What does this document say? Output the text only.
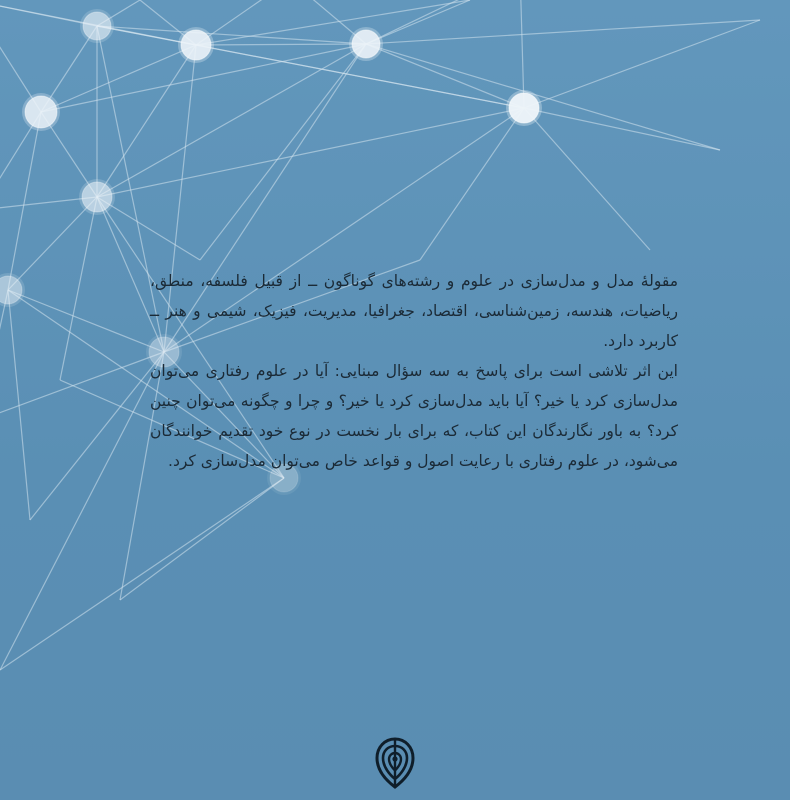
مقولهٔ مدل و مدل‌سازی در علوم و رشته‌های گوناگون ــ از قبیل فلسفه، منطق، ریاضیات، هندسه، زمین‌شناسی، اقتصاد، جغرافیا، مدیریت، فیزیک، شیمی و هنر ــ کاربرد دارد.

این اثر تلاشی است برای پاسخ به سه سؤال مبنایی: آیا در علوم رفتاری می‌توان مدل‌سازی کرد یا خیر؟ آیا باید مدل‌سازی کرد یا خیر؟ و چرا و چگونه می‌توان چنین کرد؟ به باور نگارندگان این کتاب، که برای بار نخست در نوع خود تقدیم خوانندگان می‌شود، در علوم رفتاری با رعایت اصول و قواعد خاص می‌توان مدل‌سازی کرد.
